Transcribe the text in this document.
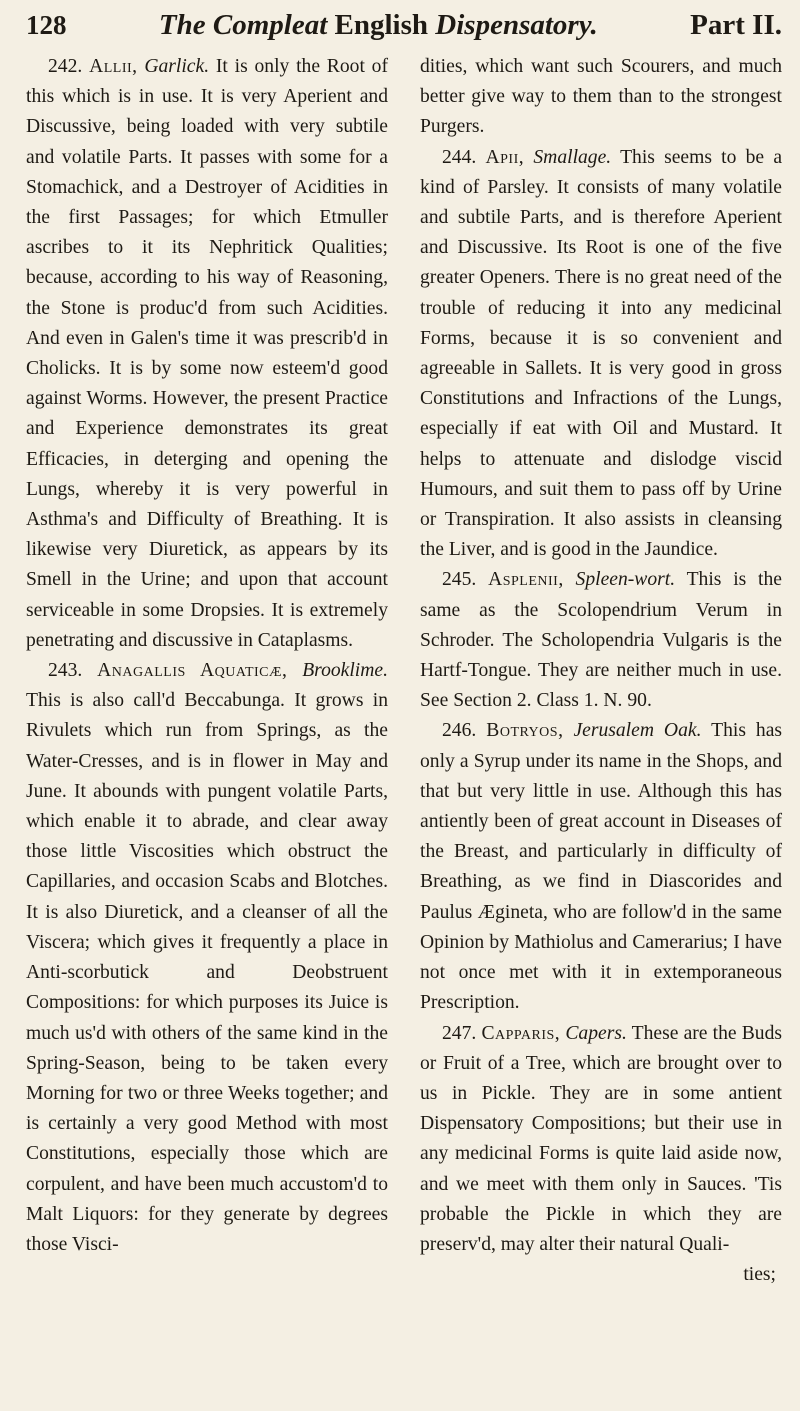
128	The Compleat English Dispensatory.	Part II.

242. Allii, Garlick. It is only the Root of this which is in use. It is very Aperient and Discussive, being loaded with very subtile and volatile Parts. It passes with some for a Stomachick, and a Destroyer of Acidities in the first Passages; for which Etmuller ascribes to it its Nephritick Qualities; because, according to his way of Reasoning, the Stone is produc'd from such Acidities. And even in Galen's time it was prescrib'd in Cholicks. It is by some now esteem'd good against Worms. However, the present Practice and Experience demonstrates its great Efficacies, in deterging and opening the Lungs, whereby it is very powerful in Asthma's and Difficulty of Breathing. It is likewise very Diuretick, as appears by its Smell in the Urine; and upon that account serviceable in some Dropsies. It is extremely penetrating and discussive in Cataplasms.

243. Anagallis Aquaticæ, Brooklime. This is also call'd Beccabunga. It grows in Rivulets which run from Springs, as the Water-Cresses, and is in flower in May and June. It abounds with pungent volatile Parts, which enable it to abrade, and clear away those little Viscosities which obstruct the Capillaries, and occasion Scabs and Blotches. It is also Diuretick, and a cleanser of all the Viscera; which gives it frequently a place in Anti-scorbutick and Deobstruent Compositions: for which purposes its Juice is much us'd with others of the same kind in the Spring-Season, being to be taken every Morning for two or three Weeks together; and is certainly a very good Method with most Constitutions, especially those which are corpulent, and have been much accustom'd to Malt Liquors: for they generate by degrees those Visci-

dities, which want such Scourers, and much better give way to them than to the strongest Purgers.

244. Apii, Smallage. This seems to be a kind of Parsley. It consists of many volatile and subtile Parts, and is therefore Aperient and Discussive. Its Root is one of the five greater Openers. There is no great need of the trouble of reducing it into any medicinal Forms, because it is so convenient and agreeable in Sallets. It is very good in gross Constitutions and Infractions of the Lungs, especially if eat with Oil and Mustard. It helps to attenuate and dislodge viscid Humours, and suit them to pass off by Urine or Transpiration. It also assists in cleansing the Liver, and is good in the Jaundice.

245. Asplenii, Spleen-wort. This is the same as the Scolopendrium Verum in Schroder. The Scholopendria Vulgaris is the Hartf-Tongue. They are neither much in use. See Section 2. Class 1. N. 90.

246. Botryos, Jerusalem Oak. This has only a Syrup under its name in the Shops, and that but very little in use. Although this has antiently been of great account in Diseases of the Breast, and particularly in difficulty of Breathing, as we find in Diascorides and Paulus Ægineta, who are follow'd in the same Opinion by Mathiolus and Camerarius; I have not once met with it in extemporaneous Prescription.

247. Capparis, Capers. These are the Buds or Fruit of a Tree, which are brought over to us in Pickle. They are in some antient Dispensatory Compositions; but their use in any medicinal Forms is quite laid aside now, and we meet with them only in Sauces. 'Tis probable the Pickle in which they are preserv'd, may alter their natural Quali-

ties;
